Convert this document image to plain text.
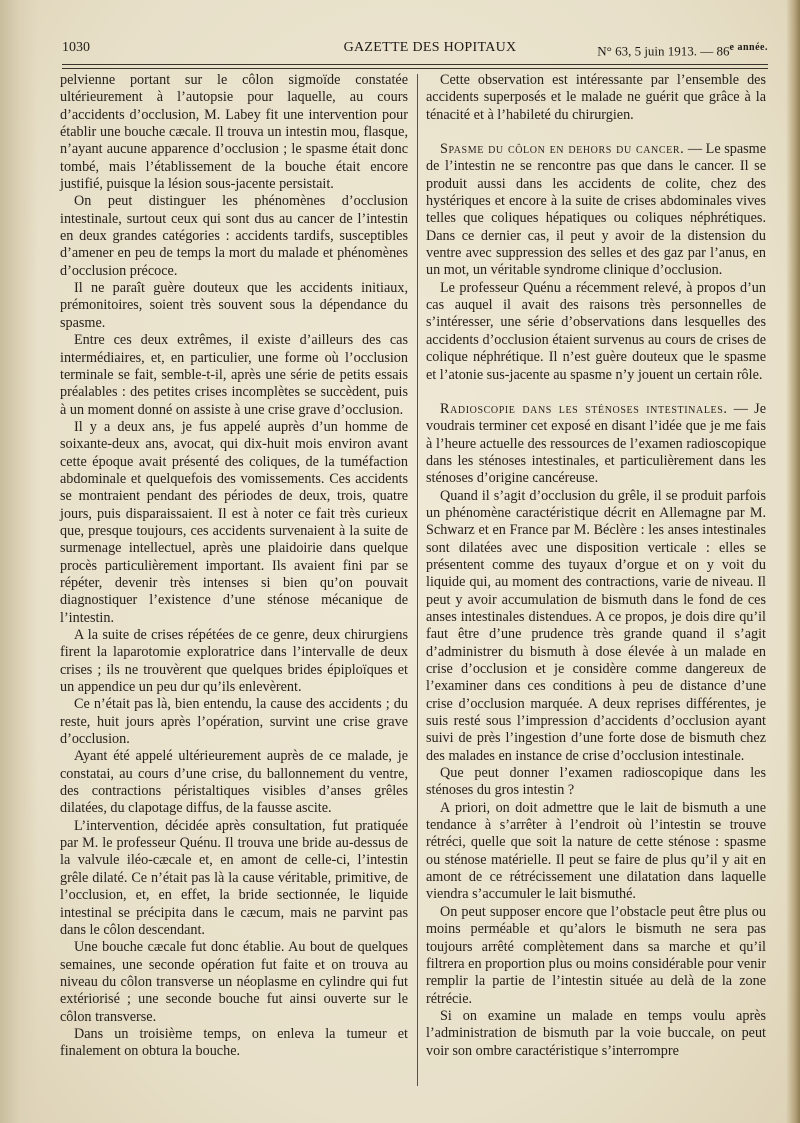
1030	GAZETTE DES HOPITAUX	N° 63, 5 juin 1913. — $86^{e année.}$

pelvienne portant sur le côlon sigmoïde constatée ultérieurement à l’autopsie pour laquelle, au cours d’accidents d’occlusion, M. Labey fit une intervention pour établir une bouche cæcale. Il trouva un intestin mou, flasque, n’ayant aucune apparence d’occlusion ; le spasme était donc tombé, mais l’établissement de la bouche était encore justifié, puisque la lésion sous-jacente persistait.

On peut distinguer les phénomènes d’occlusion intestinale, surtout ceux qui sont dus au cancer de l’intestin en deux grandes catégories : accidents tardifs, susceptibles d’amener en peu de temps la mort du malade et phénomènes d’occlusion précoce.

Il ne paraît guère douteux que les accidents initiaux, prémonitoires, soient très souvent sous la dépendance du spasme.

Entre ces deux extrêmes, il existe d’ailleurs des cas intermédiaires, et, en particulier, une forme où l’occlusion terminale se fait, semble-t-il, après une série de petits essais préalables : des petites crises incomplètes se succèdent, puis à un moment donné on assiste à une crise grave d’occlusion.

Il y a deux ans, je fus appelé auprès d’un homme de soixante-deux ans, avocat, qui dix-huit mois environ avant cette époque avait présenté des coliques, de la tuméfaction abdominale et quelquefois des vomissements. Ces accidents se montraient pendant des périodes de deux, trois, quatre jours, puis disparaissaient. Il est à noter ce fait très curieux que, presque toujours, ces accidents survenaient à la suite de surmenage intellectuel, après une plaidoirie dans quelque procès particulièrement important. Ils avaient fini par se répéter, devenir très intenses si bien qu’on pouvait diagnostiquer l’existence d’une sténose mécanique de l’intestin.

A la suite de crises répétées de ce genre, deux chirurgiens firent la laparotomie exploratrice dans l’intervalle de deux crises ; ils ne trouvèrent que quelques brides épiploïques et un appendice un peu dur qu’ils enlevèrent.

Ce n’était pas là, bien entendu, la cause des accidents ; du reste, huit jours après l’opération, survint une crise grave d’occlusion.

Ayant été appelé ultérieurement auprès de ce malade, je constatai, au cours d’une crise, du ballonnement du ventre, des contractions péristaltiques visibles d’anses grêles dilatées, du clapotage diffus, de la fausse ascite.

L’intervention, décidée après consultation, fut pratiquée par M. le professeur Quénu. Il trouva une bride au-dessus de la valvule iléo-cæcale et, en amont de celle-ci, l’intestin grêle dilaté. Ce n’était pas là la cause véritable, primitive, de l’occlusion, et, en effet, la bride sectionnée, le liquide intestinal se précipita dans le cæcum, mais ne parvint pas dans le côlon descendant.

Une bouche cæcale fut donc établie. Au bout de quelques semaines, une seconde opération fut faite et on trouva au niveau du côlon transverse un néoplasme en cylindre qui fut extériorisé ; une seconde bouche fut ainsi ouverte sur le côlon transverse.

Dans un troisième temps, on enleva la tumeur et finalement on obtura la bouche.

Cette observation est intéressante par l’ensemble des accidents superposés et le malade ne guérit que grâce à la ténacité et à l’habileté du chirurgien.

Spasme du côlon en dehors du cancer. — Le spasme de l’intestin ne se rencontre pas que dans le cancer. Il se produit aussi dans les accidents de colite, chez des hystériques et encore à la suite de crises abdominales vives telles que coliques hépatiques ou coliques néphrétiques. Dans ce dernier cas, il peut y avoir de la distension du ventre avec suppression des selles et des gaz par l’anus, en un mot, un véritable syndrome clinique d’occlusion.

Le professeur Quénu a récemment relevé, à propos d’un cas auquel il avait des raisons très personnelles de s’intéresser, une série d’observations dans lesquelles des accidents d’occlusion étaient survenus au cours de crises de colique néphrétique. Il n’est guère douteux que le spasme et l’atonie sus-jacente au spasme n’y jouent un certain rôle.

Radioscopie dans les sténoses intestinales. — Je voudrais terminer cet exposé en disant l’idée que je me fais à l’heure actuelle des ressources de l’examen radioscopique dans les sténoses intestinales, et particulièrement dans les sténoses d’origine cancéreuse.

Quand il s’agit d’occlusion du grêle, il se produit parfois un phénomène caractéristique décrit en Allemagne par M. Schwarz et en France par M. Béclère : les anses intestinales sont dilatées avec une disposition verticale : elles se présentent comme des tuyaux d’orgue et on y voit du liquide qui, au moment des contractions, varie de niveau. Il peut y avoir accumulation de bismuth dans le fond de ces anses intestinales distendues. A ce propos, je dois dire qu’il faut être d’une prudence très grande quand il s’agit d’administrer du bismuth à dose élevée à un malade en crise d’occlusion et je considère comme dangereux de l’examiner dans ces conditions à peu de distance d’une crise d’occlusion marquée. A deux reprises différentes, je suis resté sous l’impression d’accidents d’occlusion ayant suivi de près l’ingestion d’une forte dose de bismuth chez des malades en instance de crise d’occlusion intestinale.

Que peut donner l’examen radioscopique dans les sténoses du gros intestin ?

A priori, on doit admettre que le lait de bismuth a une tendance à s’arrêter à l’endroit où l’intestin se trouve rétréci, quelle que soit la nature de cette sténose : spasme ou sténose matérielle. Il peut se faire de plus qu’il y ait en amont de ce rétrécissement une dilatation dans laquelle viendra s’accumuler le lait bismuthé.

On peut supposer encore que l’obstacle peut être plus ou moins perméable et qu’alors le bismuth ne sera pas toujours arrêté complètement dans sa marche et qu’il filtrera en proportion plus ou moins considérable pour venir remplir la partie de l’intestin située au delà de la zone rétrécie.

Si on examine un malade en temps voulu après l’administration de bismuth par la voie buccale, on peut voir son ombre caractéristique s’interrompre
